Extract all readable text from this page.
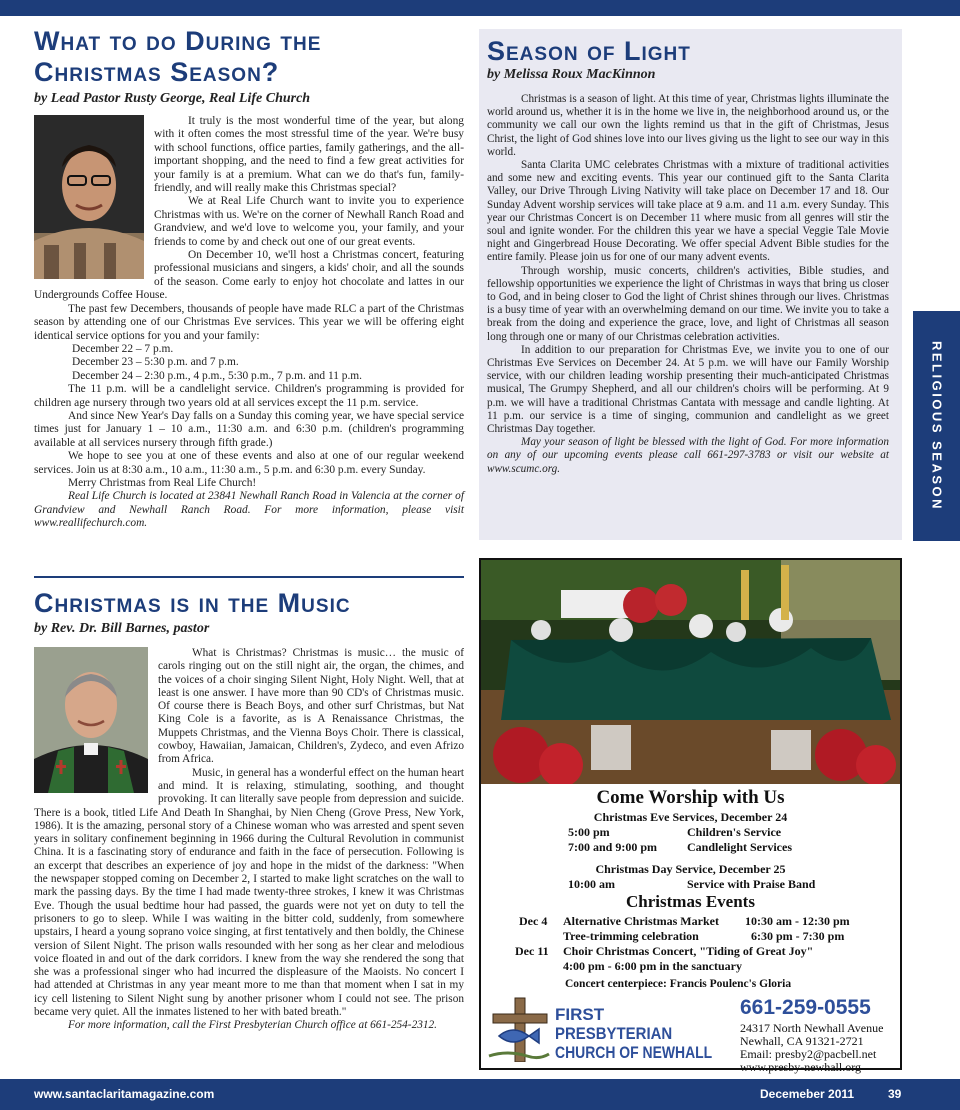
What to do During the
Christmas Season?
by Lead Pastor Rusty George, Real Life Church

It truly is the most wonderful time of the year, but along with it often comes the most stressful time of the year. We're busy with school functions, office parties, family gatherings, and the all-important shopping, and the need to find a few great activities for your family is at a premium. What can we do that's fun, family-friendly, and will really make this Christmas special?

We at Real Life Church want to invite you to experience Christmas with us. We're on the corner of Newhall Ranch Road and Grandview, and we'd love to welcome you, your family, and your friends to come by and check out one of our great events.

On December 10, we'll host a Christmas concert, featuring professional musicians and singers, a kids' choir, and all the sounds of the season. Come early to enjoy hot chocolate and lattes in our Undergrounds Coffee House.

The past few Decembers, thousands of people have made RLC a part of the Christmas season by attending one of our Christmas Eve services. This year we will be offering eight identical service options for you and your family:

December 22 – 7 p.m.

December 23 – 5:30 p.m. and 7 p.m.

December 24 – 2:30 p.m., 4 p.m., 5:30 p.m., 7 p.m. and 11 p.m.

The 11 p.m. will be a candlelight service. Children's programming is provided for children age nursery through two years old at all services except the 11 p.m. service.

And since New Year's Day falls on a Sunday this coming year, we have special service times just for January 1 – 10 a.m., 11:30 a.m. and 6:30 p.m. (children's programming available at all services nursery through fifth grade.)

We hope to see you at one of these events and also at one of our regular weekend services. Join us at 8:30 a.m., 10 a.m., 11:30 a.m., 5 p.m. and 6:30 p.m. every Sunday.

Merry Christmas from Real Life Church!

Real Life Church is located at 23841 Newhall Ranch Road in Valencia at the corner of Grandview and Newhall Ranch Road. For more information, please visit www.reallifechurch.com.

Christmas is in the Music
by Rev. Dr. Bill Barnes, pastor

What is Christmas? Christmas is music… the music of carols ringing out on the still night air, the organ, the chimes, and the voices of a choir singing Silent Night, Holy Night. Well, that at least is one answer. I have more than 90 CD's of Christmas music. Of course there is Beach Boys, and other surf Christmas, but Nat King Cole is a favorite, as is A Renaissance Christmas, the Muppets Christmas, and the Vienna Boys Choir. There is classical, cowboy, Hawaiian, Jamaican, Children's, Zydeco, and even Afrizo from Africa.

Music, in general has a wonderful effect on the human heart and mind. It is relaxing, stimulating, soothing, and thought provoking. It can literally save people from depression and suicide. There is a book, titled Life And Death In Shanghai, by Nien Cheng (Grove Press, New York, 1986). It is the amazing, personal story of a Chinese woman who was arrested and spent seven years in solitary confinement beginning in 1966 during the Cultural Revolution in communist China. It is a fascinating story of endurance and faith in the face of persecution. Following is an excerpt that describes an experience of joy and hope in the midst of the darkness: "When the newspaper stopped coming on December 2, I started to make light scratches on the wall to mark the passing days. By the time I had made twenty-three strokes, I knew it was Christmas Eve. Though the usual bedtime hour had passed, the guards were not yet on duty to tell the prisoners to go to sleep. While I was waiting in the bitter cold, suddenly, from somewhere upstairs, I heard a young soprano voice singing, at first tentatively and then boldly, the Chinese version of Silent Night. The prison walls resounded with her song as her clear and melodious voice floated in and out of the dark corridors. I knew from the way she rendered the song that she was a professional singer who had incurred the displeasure of the Maoists. No concert I had attended at Christmas in any year meant more to me than that moment when I sat in my icy cell listening to Silent Night sung by another prisoner whom I could not see. The prison became very quiet. All the inmates listened to her with bated breath."

For more information, call the First Presbyterian Church office at 661-254-2312.

Season of Light
by Melissa Roux MacKinnon

Christmas is a season of light. At this time of year, Christmas lights illuminate the world around us, whether it is in the home we live in, the neighborhood around us, or the community we call our own the lights remind us that in the gift of Christmas, Jesus Christ, the light of God shines love into our lives giving us the light to see our way in this world.

Santa Clarita UMC celebrates Christmas with a mixture of traditional activities and some new and exciting events. This year our continued gift to the Santa Clarita Valley, our Drive Through Living Nativity will take place on December 17 and 18. Our Sunday Advent worship services will take place at 9 a.m. and 11 a.m. every Sunday. This year our Christmas Concert is on December 11 where music from all genres will stir the soul and ignite wonder. For the children this year we have a special Veggie Tale Movie night and Gingerbread House Decorating. We offer special Advent Bible studies for the entire family. Please join us for one of our many advent events.

Through worship, music concerts, children's activities, Bible studies, and fellowship opportunities we experience the light of Christmas in ways that bring us closer to God, and in being closer to God the light of Christ shines through our lives. Christmas is a busy time of year with an overwhelming demand on our time. We invite you to take a break from the doing and experience the grace, love, and light of Christmas all season long through one or many of our Christmas celebration activities.

In addition to our preparation for Christmas Eve, we invite you to one of our Christmas Eve Services on December 24. At 5 p.m. we will have our Family Worship service, with our children leading worship presenting their much-anticipated Christmas musical, The Grumpy Shepherd, and all our children's choirs will be performing. At 9 p.m. we will have a traditional Christmas Cantata with message and candle lighting. At 11 p.m. our service is a time of singing, communion and candlelight as we greet Christmas Day together.

May your season of light be blessed with the light of God. For more information on any of our upcoming events please call 661-297-3783 or visit our website at www.scumc.org.	RELIGIOUS SEASON
Come Worship with Us
Christmas Eve Services, December 24
5:00 pm	Children's Service
7:00 and 9:00 pm Candlelight Services
Christmas Day Service, December 25
10:00 am	Service with Praise Band
Christmas Events
Dec 4 Alternative Christmas Market 10:30 am - 12:30 pm
Tree-trimming celebration	6:30 pm - 7:30 pm
Dec 11 Choir Christmas Concert, "Tiding of Great Joy"
4:00 pm - 6:00 pm in the sanctuary
Concert centerpiece: Francis Poulenc's Gloria
FIRST
PRESBYTERIAN
CHURCH OF NEWHALL
661-259-0555
24317 North Newhall Avenue
Newhall, CA 91321-2721
Email: presby2@pacbell.net
www.presby-newhall.org
www.santaclaritamagazine.com	Decemeber 2011	39
